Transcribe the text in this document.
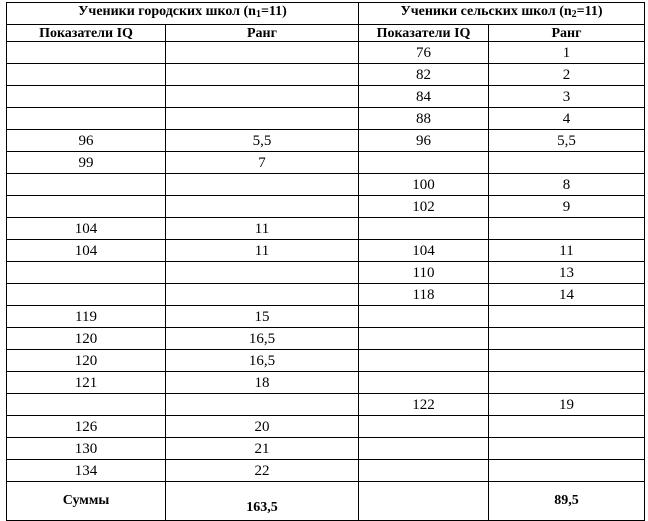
Ученики городских школ $(n_1=11)$		Ученики сельских школ $(n_2=11)$	
Показатели IQ	Ранг	Показатели IQ	Ранг
		76	1
		82	2
		84	3
		88	4
96	5,5	96	5,5
99	7		
		100	8
		102	9
104	11		
104	11	104	11
		110	13
		118	14
119	15		
120	16,5		
120	16,5		
121	18		
		122	19
126	20		
130	21		
134	22		
Суммы	163,5		89,5
